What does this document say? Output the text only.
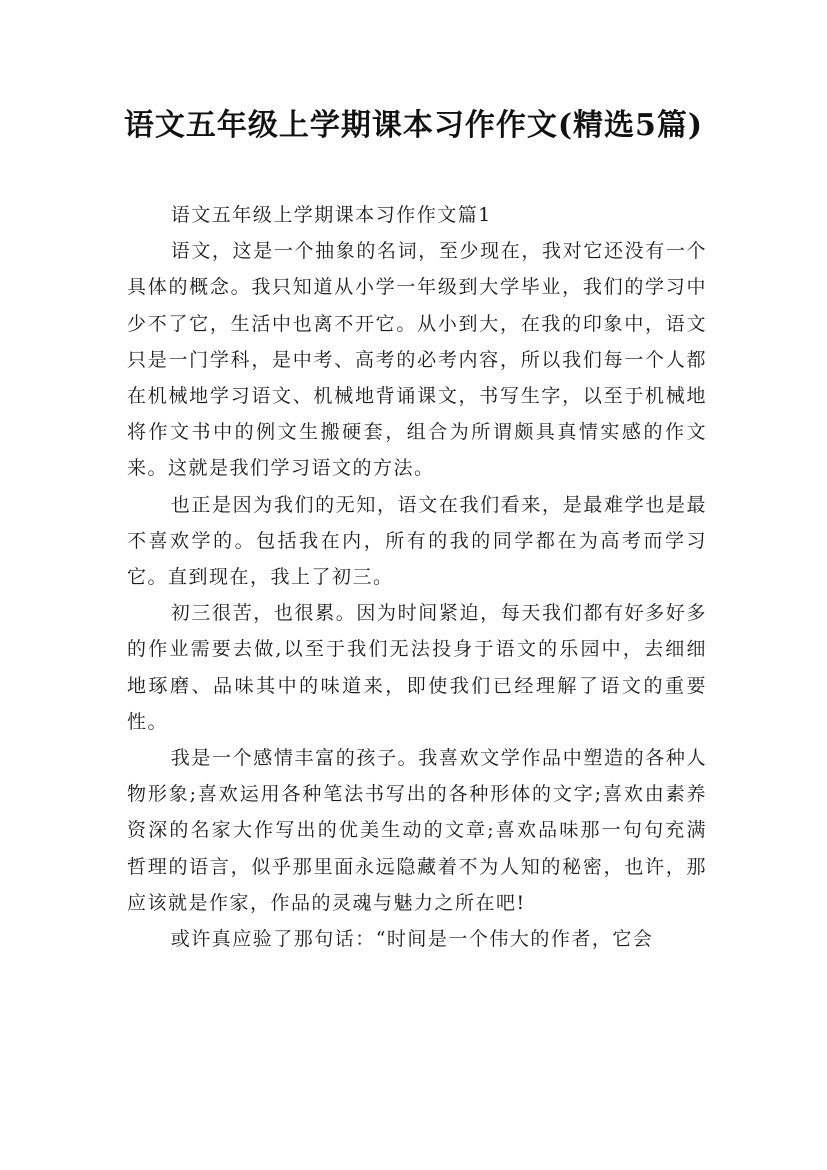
语文五年级上学期课本习作作文(精选5篇)

语文五年级上学期课本习作作文篇1

语文，这是一个抽象的名词，至少现在，我对它还没有一个具体的概念。我只知道从小学一年级到大学毕业，我们的学习中少不了它，生活中也离不开它。从小到大，在我的印象中，语文只是一门学科，是中考、高考的必考内容，所以我们每一个人都在机械地学习语文、机械地背诵课文，书写生字，以至于机械地将作文书中的例文生搬硬套，组合为所谓颇具真情实感的作文来。这就是我们学习语文的方法。

也正是因为我们的无知，语文在我们看来，是最难学也是最不喜欢学的。包括我在内，所有的我的同学都在为高考而学习它。直到现在，我上了初三。

初三很苦，也很累。因为时间紧迫，每天我们都有好多好多的作业需要去做,以至于我们无法投身于语文的乐园中，去细细地琢磨、品味其中的味道来，即使我们已经理解了语文的重要性。

我是一个感情丰富的孩子。我喜欢文学作品中塑造的各种人物形象;喜欢运用各种笔法书写出的各种形体的文字;喜欢由素养资深的名家大作写出的优美生动的文章;喜欢品味那一句句充满哲理的语言，似乎那里面永远隐藏着不为人知的秘密，也许，那应该就是作家，作品的灵魂与魅力之所在吧!

或许真应验了那句话：“时间是一个伟大的作者，它会
